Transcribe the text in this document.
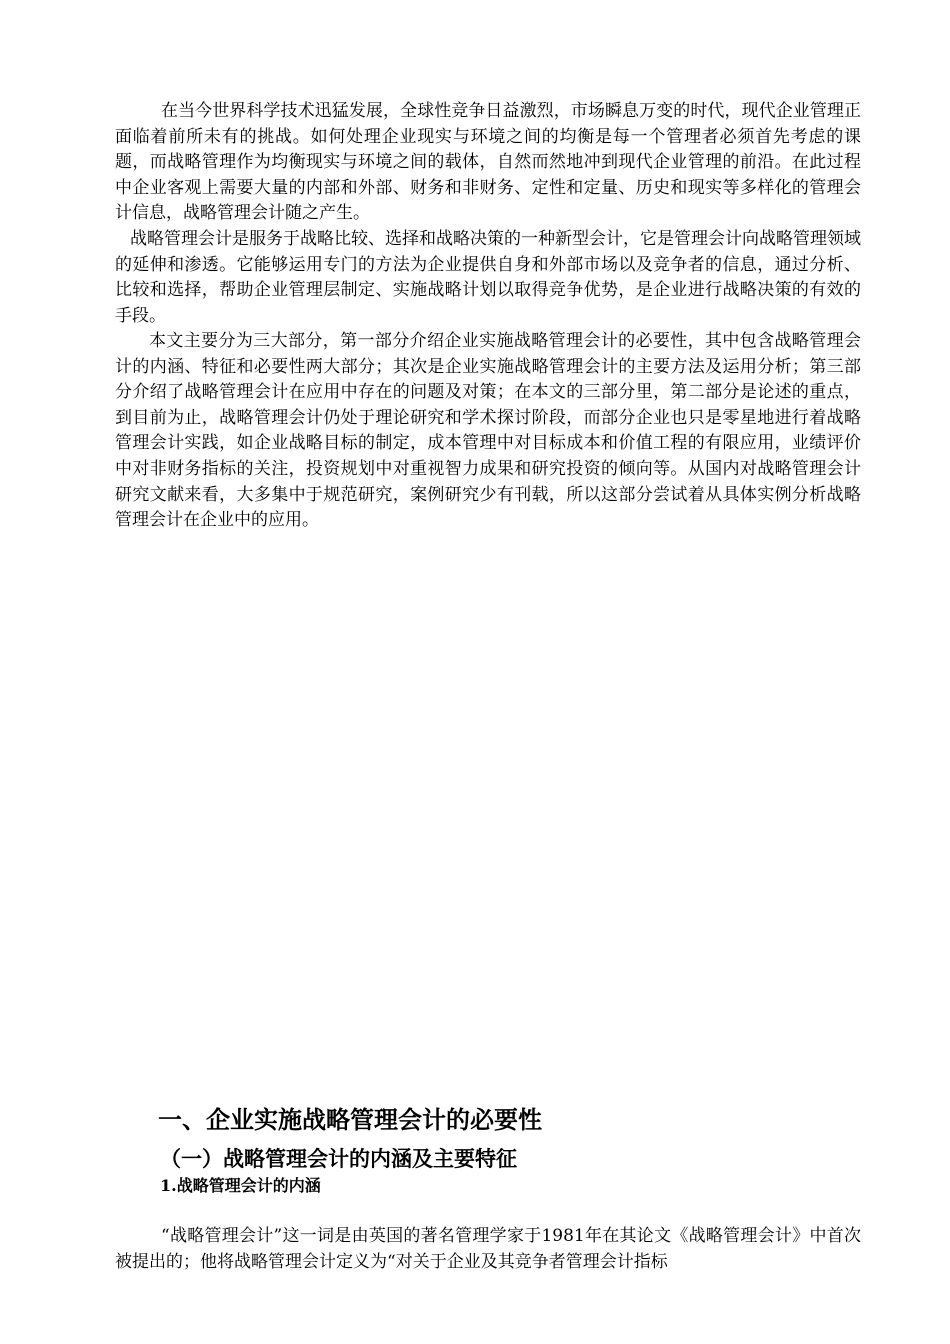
在当今世界科学技术迅猛发展，全球性竞争日益激烈，市场瞬息万变的时代，现代企业管理正面临着前所未有的挑战。如何处理企业现实与环境之间的均衡是每一个管理者必须首先考虑的课题，而战略管理作为均衡现实与环境之间的载体，自然而然地冲到现代企业管理的前沿。在此过程中企业客观上需要大量的内部和外部、财务和非财务、定性和定量、历史和现实等多样化的管理会计信息，战略管理会计随之产生。

战略管理会计是服务于战略比较、选择和战略决策的一种新型会计，它是管理会计向战略管理领域的延伸和渗透。它能够运用专门的方法为企业提供自身和外部市场以及竞争者的信息，通过分析、比较和选择，帮助企业管理层制定、实施战略计划以取得竞争优势，是企业进行战略决策的有效的手段。

本文主要分为三大部分，第一部分介绍企业实施战略管理会计的必要性，其中包含战略管理会计的内涵、特征和必要性两大部分；其次是企业实施战略管理会计的主要方法及运用分析；第三部分介绍了战略管理会计在应用中存在的问题及对策；在本文的三部分里，第二部分是论述的重点，到目前为止，战略管理会计仍处于理论研究和学术探讨阶段，而部分企业也只是零星地进行着战略管理会计实践，如企业战略目标的制定，成本管理中对目标成本和价值工程的有限应用，业绩评价中对非财务指标的关注，投资规划中对重视智力成果和研究投资的倾向等。从国内对战略管理会计研究文献来看，大多集中于规范研究，案例研究少有刊载，所以这部分尝试着从具体实例分析战略管理会计在企业中的应用。

一、企业实施战略管理会计的必要性
（一）战略管理会计的内涵及主要特征
1.战略管理会计的内涵

“战略管理会计”这一词是由英国的著名管理学家于1981年在其论文《战略管理会计》中首次被提出的；他将战略管理会计定义为“对关于企业及其竞争者管理会计指标
